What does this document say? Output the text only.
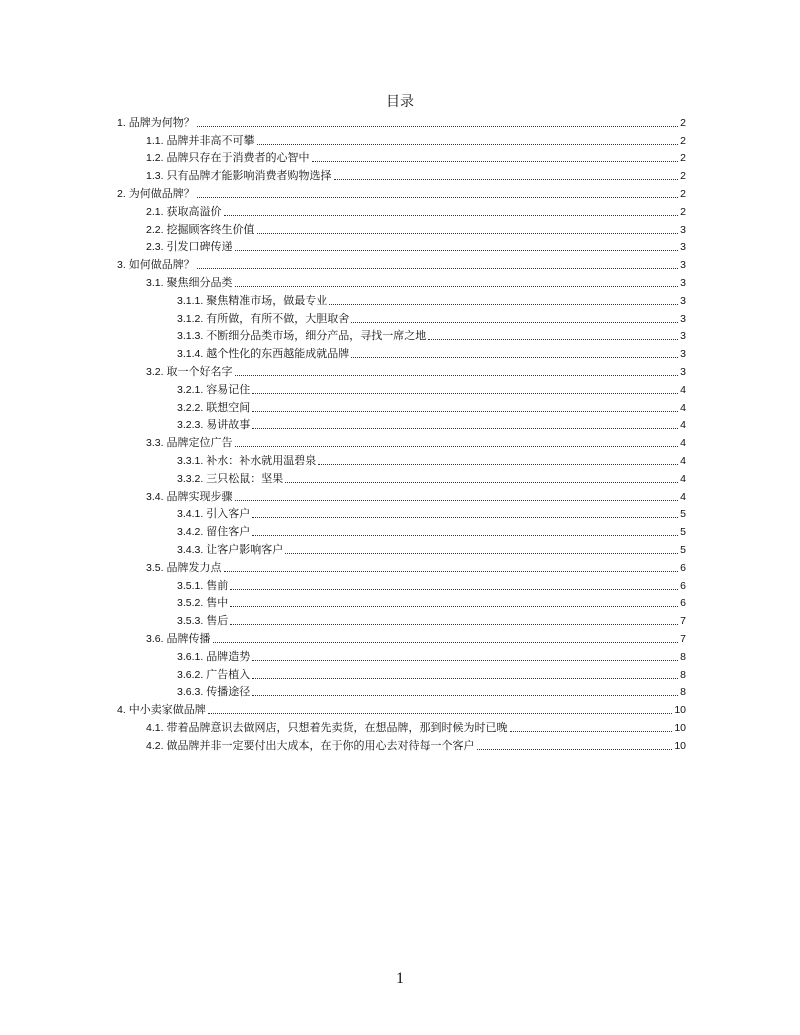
目录
1. 品牌为何物？	2
1.1. 品牌并非高不可攀	2
1.2. 品牌只存在于消费者的心智中	2
1.3. 只有品牌才能影响消费者购物选择	2
2. 为何做品牌？	2
2.1. 获取高溢价	2
2.2. 挖掘顾客终生价值	3
2.3. 引发口碑传递	3
3. 如何做品牌？	3
3.1. 聚焦细分品类	3
3.1.1. 聚焦精准市场，做最专业	3
3.1.2. 有所做，有所不做，大胆取舍	3
3.1.3. 不断细分品类市场，细分产品，寻找一席之地	3
3.1.4. 越个性化的东西越能成就品牌	3
3.2. 取一个好名字	3
3.2.1. 容易记住	4
3.2.2. 联想空间	4
3.2.3. 易讲故事	4
3.3. 品牌定位广告	4
3.3.1. 补水：补水就用温碧泉	4
3.3.2. 三只松鼠：坚果	4
3.4. 品牌实现步骤	4
3.4.1. 引入客户	5
3.4.2. 留住客户	5
3.4.3. 让客户影响客户	5
3.5. 品牌发力点	6
3.5.1. 售前	6
3.5.2. 售中	6
3.5.3. 售后	7
3.6. 品牌传播	7
3.6.1. 品牌造势	8
3.6.2. 广告植入	8
3.6.3. 传播途径	8
4. 中小卖家做品牌	10
4.1. 带着品牌意识去做网店，只想着先卖货，在想品牌，那到时候为时已晚	10
4.2. 做品牌并非一定要付出大成本，在于你的用心去对待每一个客户	10
1
